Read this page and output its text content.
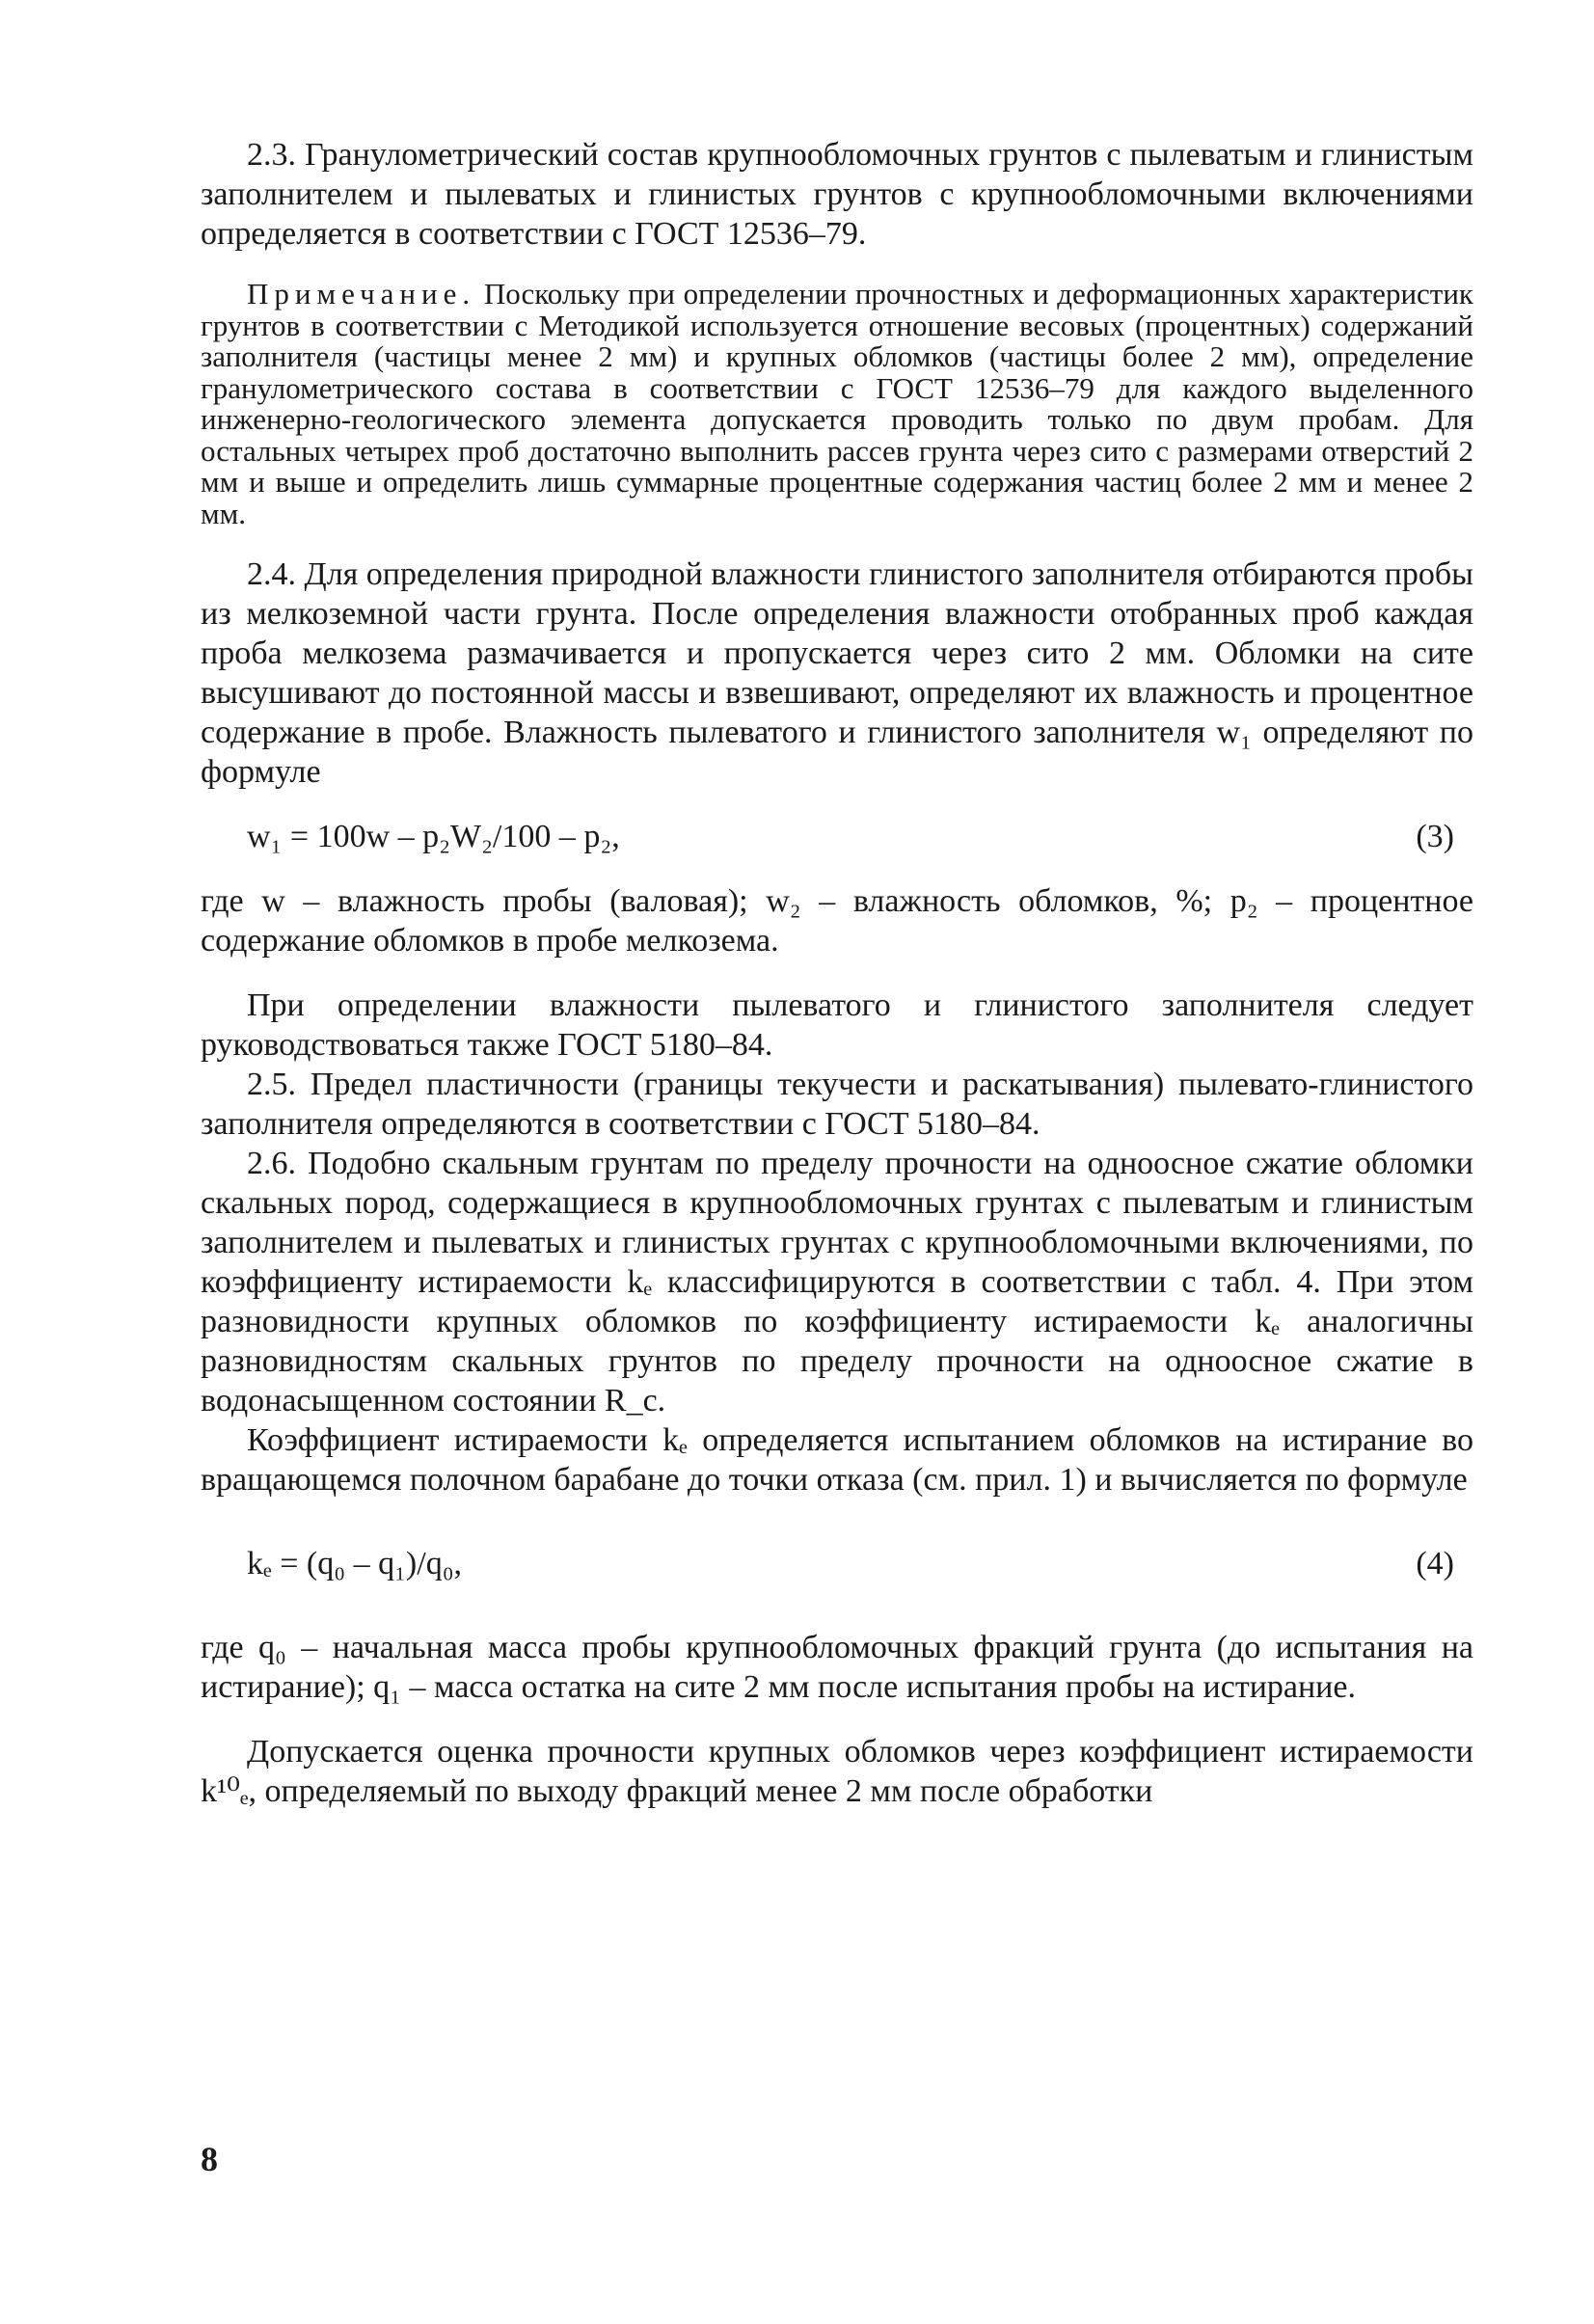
2.3. Гранулометрический состав крупнообломочных грунтов с пылеватым и глинистым заполнителем и пылеватых и глинистых грунтов с крупнообломочными включениями определяется в соответствии с ГОСТ 12536–79.

Примечание. Поскольку при определении прочностных и деформационных характеристик грунтов в соответствии с Методикой используется отношение весовых (процентных) содержаний заполнителя (частицы менее 2 мм) и крупных обломков (частицы более 2 мм), определение гранулометрического состава в соответствии с ГОСТ 12536–79 для каждого выделенного инженерно-геологического элемента допускается проводить только по двум пробам. Для остальных четырех проб достаточно выполнить рассев грунта через сито с размерами отверстий 2 мм и выше и определить лишь суммарные процентные содержания частиц более 2 мм и менее 2 мм.

2.4. Для определения природной влажности глинистого заполнителя отбираются пробы из мелкоземной части грунта. После определения влажности отобранных проб каждая проба мелкозема размачивается и пропускается через сито 2 мм. Обломки на сите высушивают до постоянной массы и взвешивают, определяют их влажность и процентное содержание в пробе. Влажность пылеватого и глинистого заполнителя w₁ определяют по формуле

w₁ = 100w – p₂W₂/100 – p₂,	(3)

где w – влажность пробы (валовая); w₂ – влажность обломков, %; p₂ – процентное содержание обломков в пробе мелкозема.

При определении влажности пылеватого и глинистого заполнителя следует руководствоваться также ГОСТ 5180–84.

2.5. Предел пластичности (границы текучести и раскатывания) пылевато-глинистого заполнителя определяются в соответствии с ГОСТ 5180–84.

2.6. Подобно скальным грунтам по пределу прочности на одноосное сжатие обломки скальных пород, содержащиеся в крупнообломочных грунтах с пылеватым и глинистым заполнителем и пылеватых и глинистых грунтах с крупнообломочными включениями, по коэффициенту истираемости kₑ классифицируются в соответствии с табл. 4. При этом разновидности крупных обломков по коэффициенту истираемости kₑ аналогичны разновидностям скальных грунтов по пределу прочности на одноосное сжатие в водонасыщенном состоянии R_c.

Коэффициент истираемости kₑ определяется испытанием обломков на истирание во вращающемся полочном барабане до точки отказа (см. прил. 1) и вычисляется по формуле

kₑ = (q₀ – q₁)/q₀,	(4)

где q₀ – начальная масса пробы крупнообломочных фракций грунта (до испытания на истирание); q₁ – масса остатка на сите 2 мм после испытания пробы на истирание.

Допускается оценка прочности крупных обломков через коэффициент истираемости k¹⁰ₑ, определяемый по выходу фракций менее 2 мм после обработки

8
